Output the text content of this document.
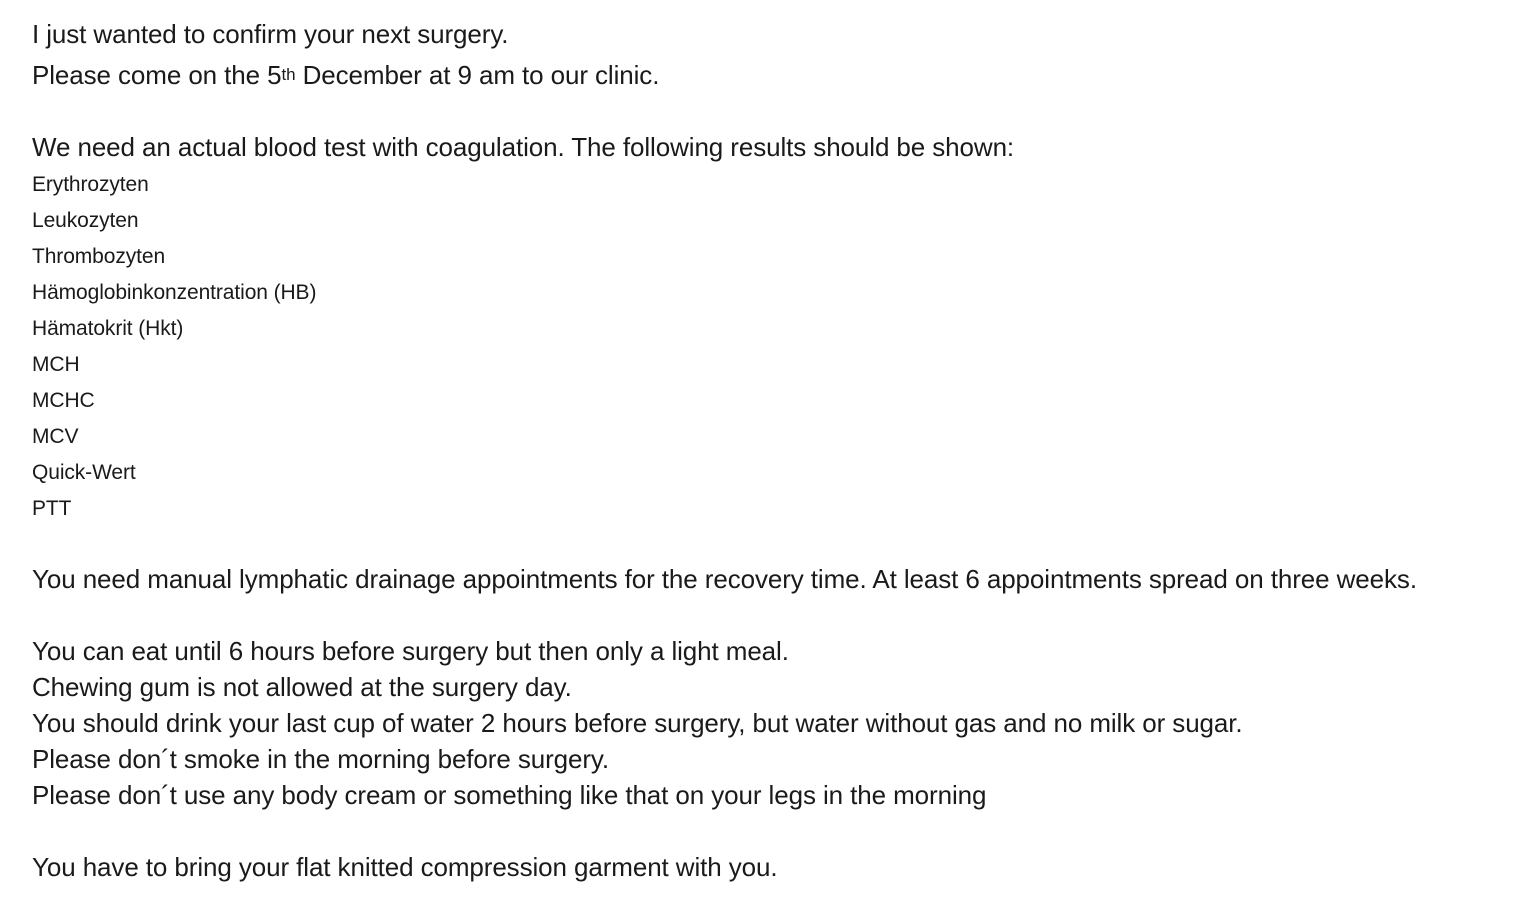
I just wanted to confirm your next surgery.
Please come on the 5th December at 9 am to our clinic.
We need an actual blood test with coagulation. The following results should be shown:
Erythrozyten
Leukozyten
Thrombozyten
Hämoglobinkonzentration (HB)
Hämatokrit (Hkt)
MCH
MCHC
MCV
Quick-Wert
PTT
You need manual lymphatic drainage appointments for the recovery time. At least 6 appointments spread on three weeks.
You can eat until 6 hours before surgery but then only a light meal.
Chewing gum is not allowed at the surgery day.
You should drink your last cup of water 2 hours before surgery, but water without gas and no milk or sugar.
Please don´t smoke in the morning before surgery.
Please don´t use any body cream or something like that on your legs in the morning
You have to bring your flat knitted compression garment with you.
